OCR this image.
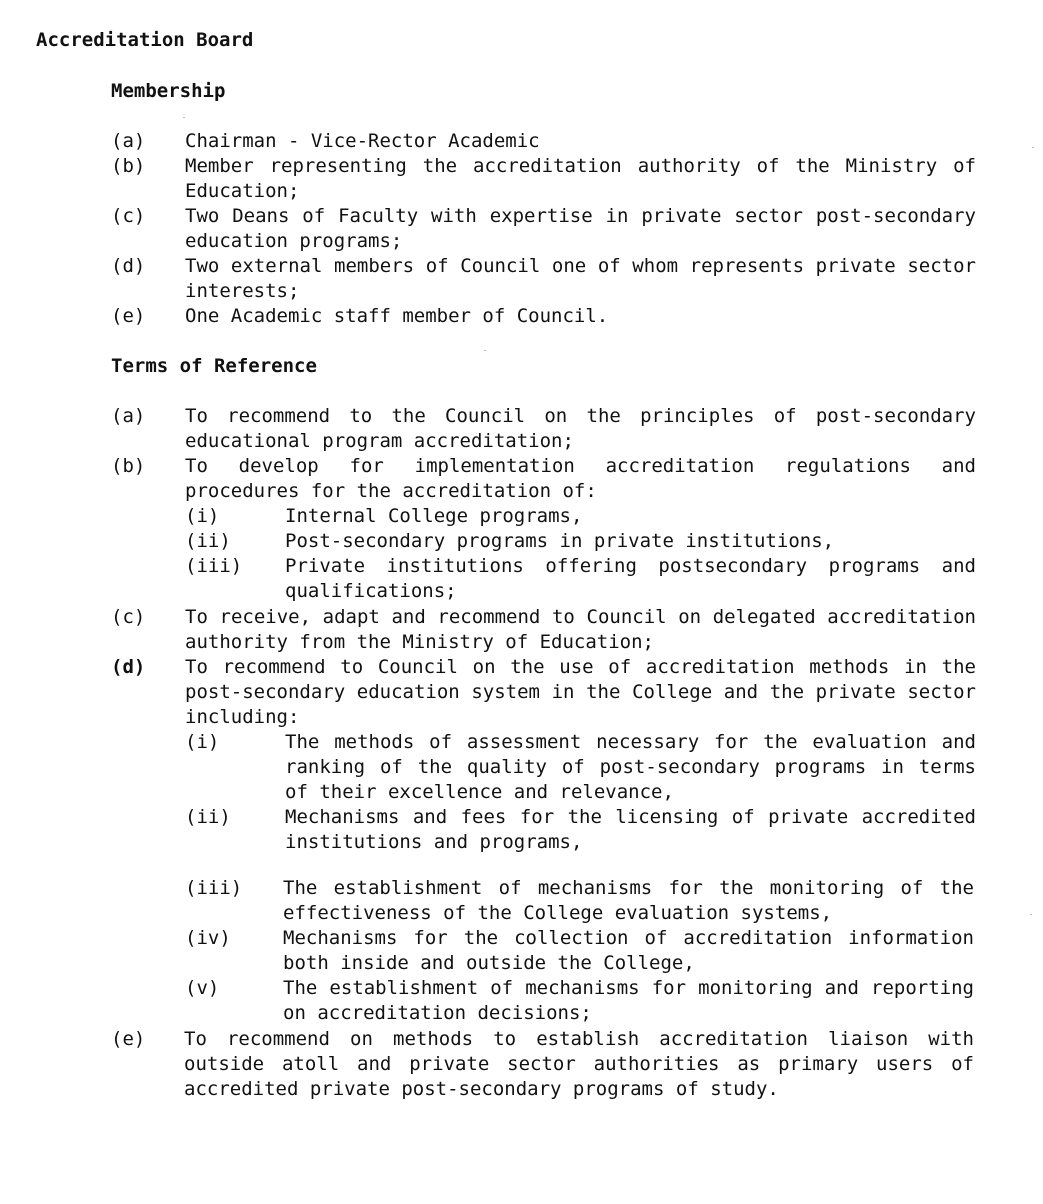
Accreditation Board
Membership
(a) Chairman - Vice-Rector Academic
(b) Member representing the accreditation authority of the Ministry of Education;
(c) Two Deans of Faculty with expertise in private sector post-secondary education programs;
(d) Two external members of Council one of whom represents private sector interests;
(e) One Academic staff member of Council.
Terms of Reference
(a) To recommend to the Council on the principles of post-secondary educational program accreditation;
(b) To develop for implementation accreditation regulations and procedures for the accreditation of:
(i)	Internal College programs,
(ii)	Post-secondary programs in private institutions,
(iii) Private institutions offering postsecondary programs and qualifications;
(c) To receive, adapt and recommend to Council on delegated accreditation authority from the Ministry of Education;
(d) To recommend to Council on the use of accreditation methods in the post-secondary education system in the College and the private sector including:
(i)	The methods of assessment necessary for the evaluation and ranking of the quality of post-secondary programs in terms of their excellence and relevance,
(ii)	Mechanisms and fees for the licensing of private accredited institutions and programs,
(iii) The establishment of mechanisms for the monitoring of the effectiveness of the College evaluation systems,
(iv)	Mechanisms for the collection of accreditation information both inside and outside the College,
(v)	The establishment of mechanisms for monitoring and reporting on accreditation decisions;
(e) To recommend on methods to establish accreditation liaison with outside atoll and private sector authorities as primary users of accredited private post-secondary programs of study.
